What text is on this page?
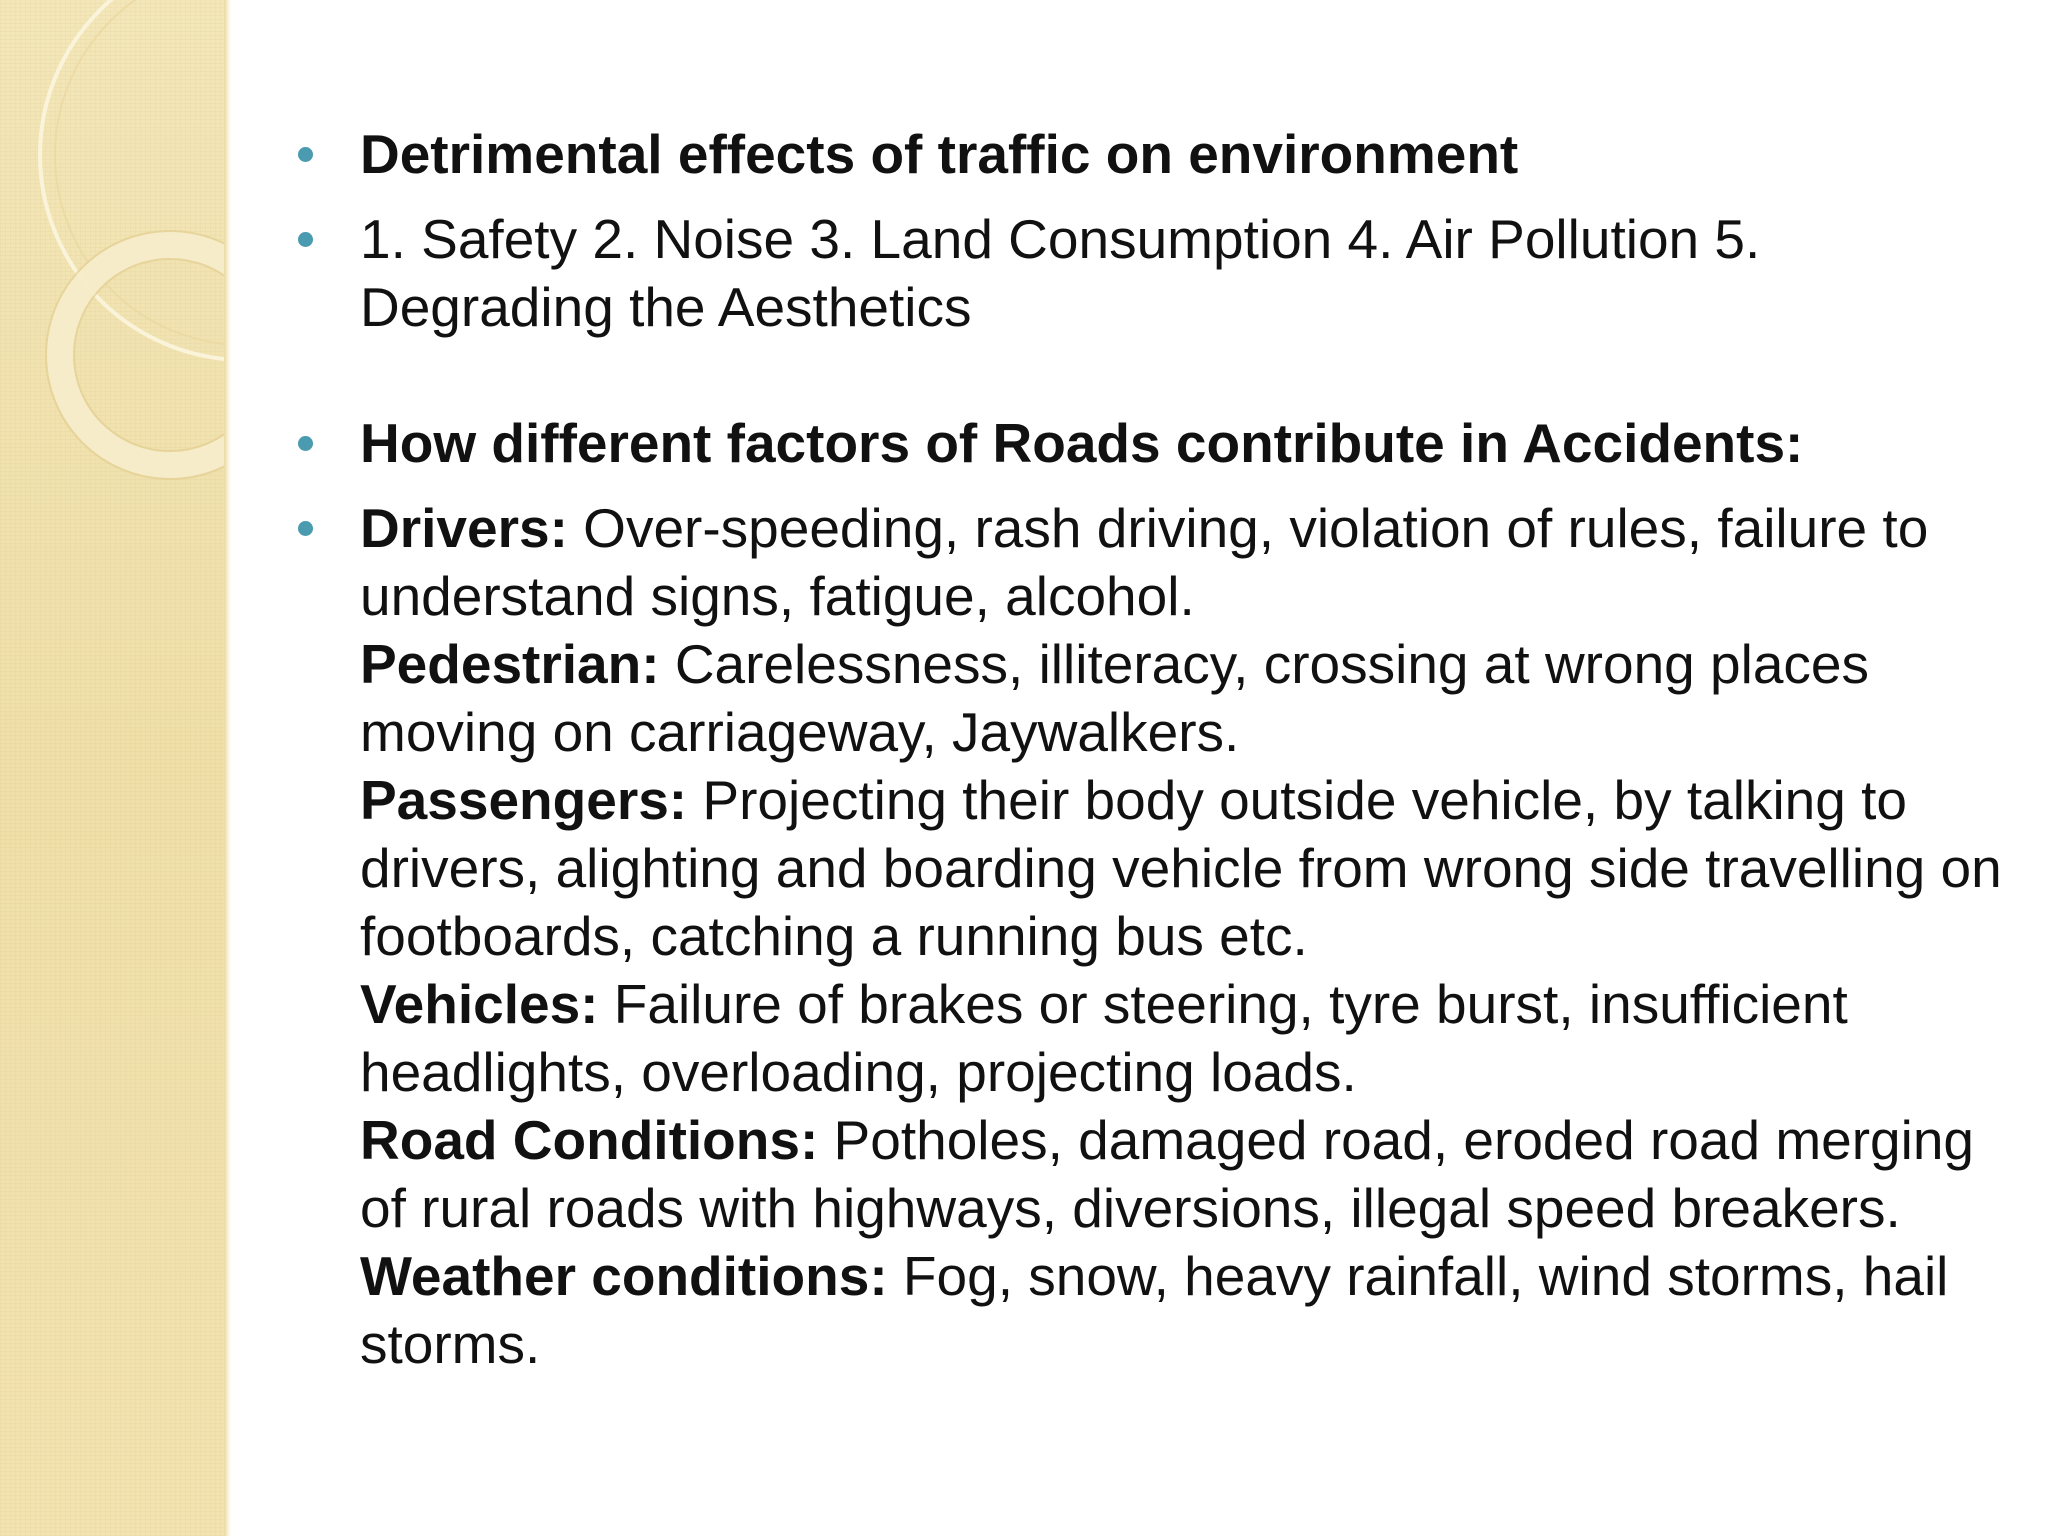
Detrimental effects of traffic on environment
1. Safety 2. Noise 3. Land Consumption 4. Air Pollution 5. Degrading the Aesthetics
How different factors of Roads contribute in Accidents:
Drivers: Over-speeding, rash driving, violation of rules, failure to understand signs, fatigue, alcohol.
Pedestrian: Carelessness, illiteracy, crossing at wrong places moving on carriageway, Jaywalkers.
Passengers: Projecting their body outside vehicle, by talking to drivers, alighting and boarding vehicle from wrong side travelling on footboards, catching a running bus etc.
Vehicles: Failure of brakes or steering, tyre burst, insufficient headlights, overloading, projecting loads.
Road Conditions: Potholes, damaged road, eroded road merging of rural roads with highways, diversions, illegal speed breakers.
Weather conditions: Fog, snow, heavy rainfall, wind storms, hail storms.
